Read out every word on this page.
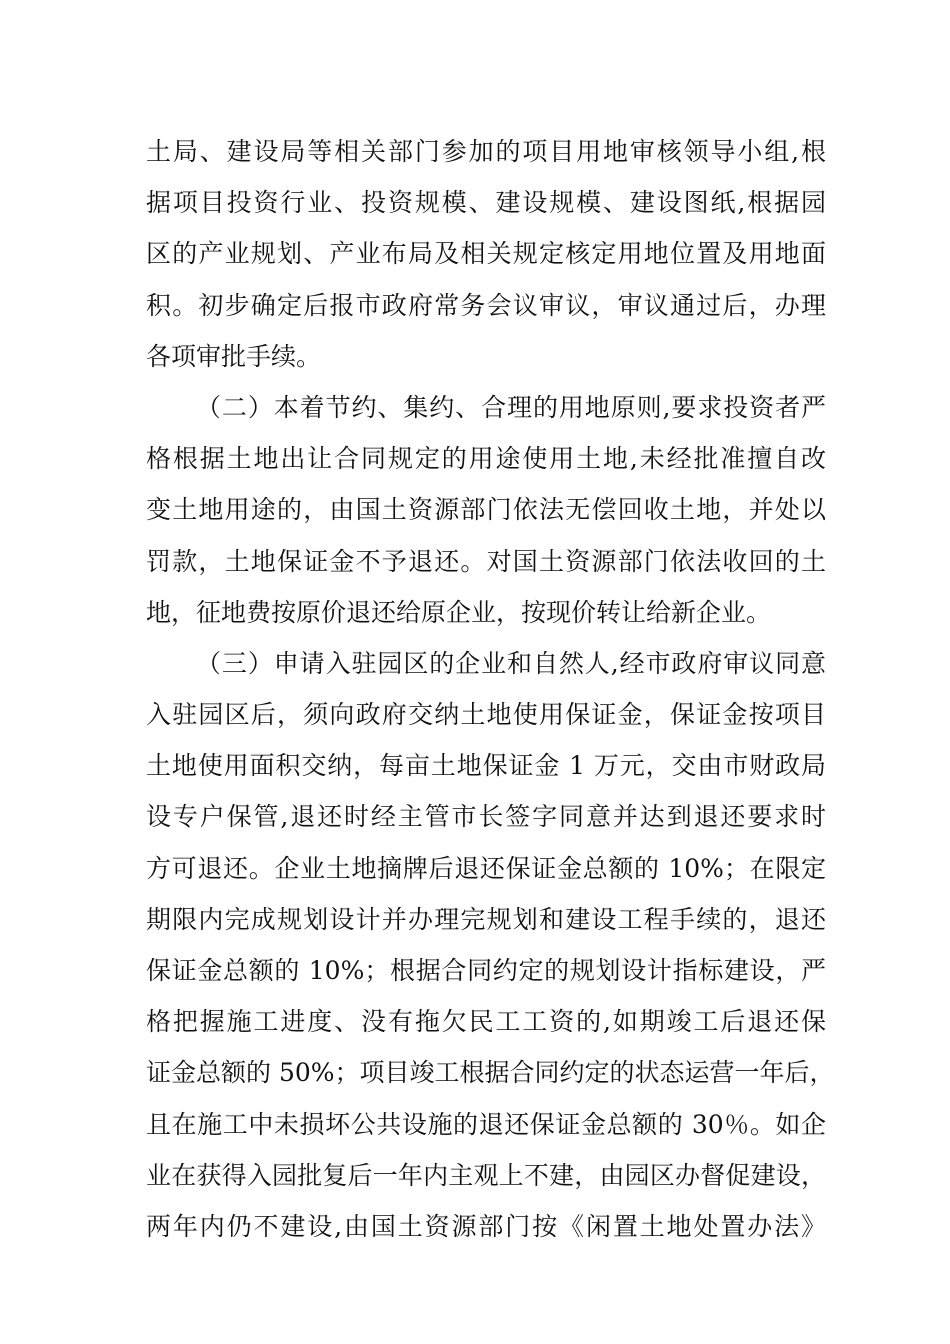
土局、建设局等相关部门参加的项目用地审核领导小组,根
据项目投资行业、投资规模、建设规模、建设图纸,根据园
区的产业规划、产业布局及相关规定核定用地位置及用地面
积。初步确定后报市政府常务会议审议，审议通过后，办理
各项审批手续。
（二）本着节约、集约、合理的用地原则,要求投资者严
格根据土地出让合同规定的用途使用土地,未经批准擅自改
变土地用途的，由国土资源部门依法无偿回收土地，并处以
罚款，土地保证金不予退还。对国土资源部门依法收回的土
地，征地费按原价退还给原企业，按现价转让给新企业。
（三）申请入驻园区的企业和自然人,经市政府审议同意
入驻园区后，须向政府交纳土地使用保证金，保证金按项目
土地使用面积交纳，每亩土地保证金 1 万元，交由市财政局
设专户保管,退还时经主管市长签字同意并达到退还要求时
方可退还。企业土地摘牌后退还保证金总额的 10%；在限定
期限内完成规划设计并办理完规划和建设工程手续的，退还
保证金总额的 10%；根据合同约定的规划设计指标建设，严
格把握施工进度、没有拖欠民工工资的,如期竣工后退还保
证金总额的 50%；项目竣工根据合同约定的状态运营一年后，
且在施工中未损坏公共设施的退还保证金总额的 30％。如企
业在获得入园批复后一年内主观上不建，由园区办督促建设，
两年内仍不建设,由国土资源部门按《闲置土地处置办法》
